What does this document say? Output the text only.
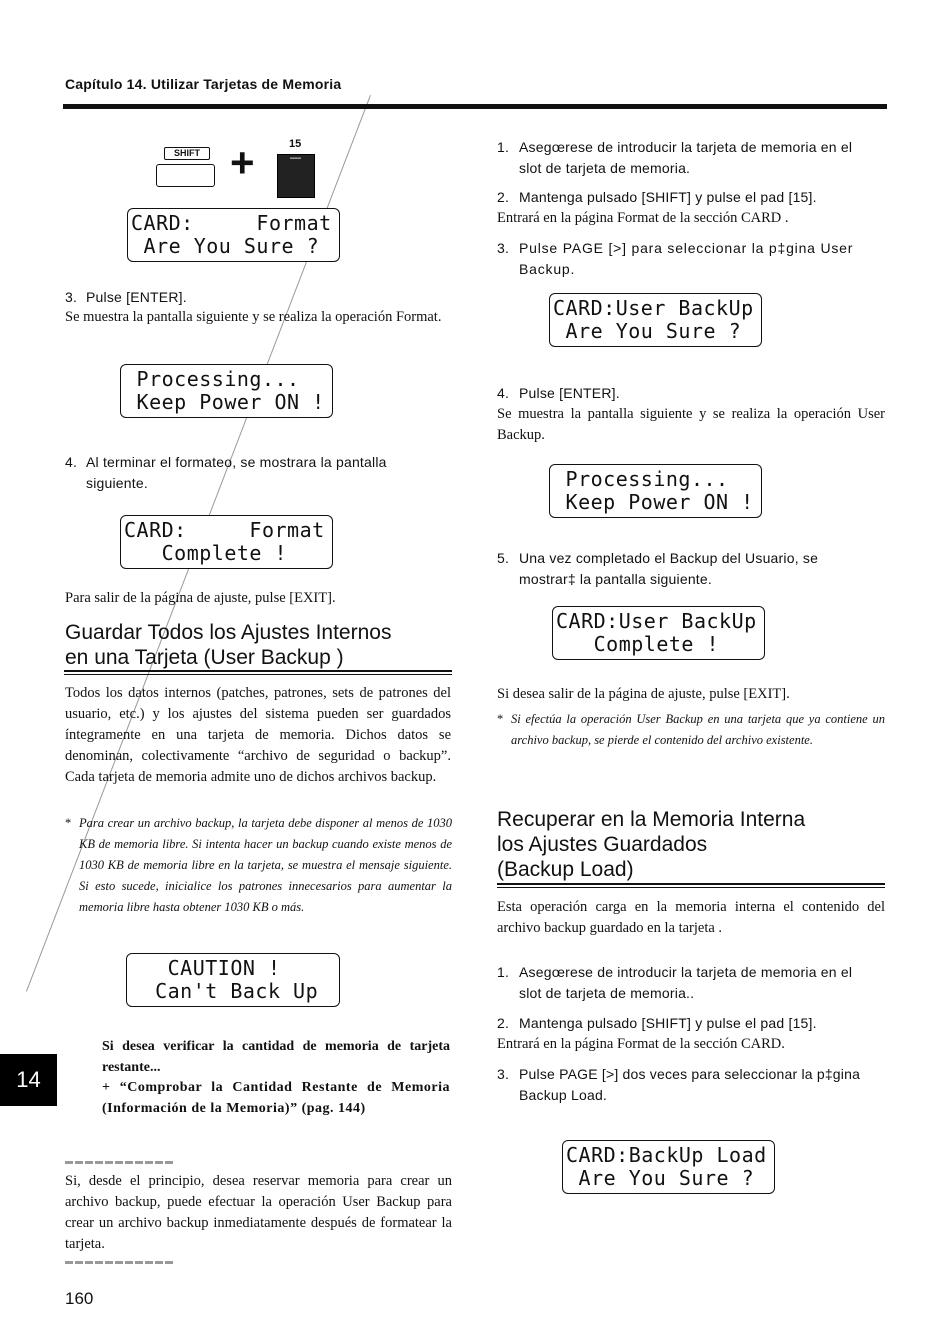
Capítulo 14. Utilizar Tarjetas de Memoria
SHIFT +	15
—
CARD:     Format
Are You Sure ?
3. Pulse [ENTER].
Se muestra la pantalla siguiente y se realiza la operación Format.
Processing...
Keep Power ON !
4. Al terminar el formateo, se mostrara la pantalla siguiente.
CARD:     Format
Complete !
Para salir de la página de ajuste, pulse [EXIT].
Guardar Todos los Ajustes Internos
en una Tarjeta (User Backup )
Todos los datos internos (patches, patrones, sets de patrones del usuario, etc.) y los ajustes del sistema pueden ser guardados íntegramente en una tarjeta de memoria. Dichos datos se denominan, colectivamente “archivo de seguridad o backup”. Cada tarjeta de memoria admite uno de dichos archivos backup.
* Para crear un archivo backup, la tarjeta debe disponer al menos de 1030 KB de memoria libre. Si intenta hacer un backup cuando existe menos de 1030 KB de memoria libre en la tarjeta, se muestra el mensaje siguiente. Si esto sucede, inicialice los patrones innecesarios para aumentar la memoria libre hasta obtener 1030 KB o más.
CAUTION !
Can't Back Up
Si desea verificar la cantidad de memoria de tarjeta restante...
+ “Comprobar la Cantidad Restante de Memoria (Información de la Memoria)” (pag. 144)
Si, desde el principio, desea reservar memoria para crear un archivo backup, puede efectuar la operación User Backup para crear un archivo backup inmediatamente después de formatear la tarjeta.
14
160
1. Asegœrese de introducir la tarjeta de memoria en el slot de tarjeta de memoria.
2. Mantenga pulsado [SHIFT] y pulse el pad [15].
Entrará en la página Format de la sección CARD .
3. Pulse PAGE [>] para seleccionar la p‡gina User Backup.
CARD:User BackUp
Are You Sure ?
4. Pulse [ENTER].
Se muestra la pantalla siguiente y se realiza la operación User Backup.
Processing...
Keep Power ON !
5. Una vez completado el Backup del Usuario, se mostrar‡ la pantalla siguiente.
CARD:User BackUp
Complete !
Si desea salir de la página de ajuste, pulse [EXIT].
* Si efectúa la operación User Backup en una tarjeta que ya contiene un archivo backup, se pierde el contenido del archivo existente.
Recuperar en la Memoria Interna
los Ajustes Guardados
(Backup Load)
Esta operación carga en la memoria interna el contenido del archivo backup guardado en la tarjeta .
1. Asegœrese de introducir la tarjeta de memoria en el slot de tarjeta de memoria..
2. Mantenga pulsado [SHIFT] y pulse el pad [15].
Entrará en la página Format de la sección CARD.
3. Pulse PAGE [>] dos veces para seleccionar la p‡gina Backup Load.
CARD:BackUp Load
Are You Sure ?
